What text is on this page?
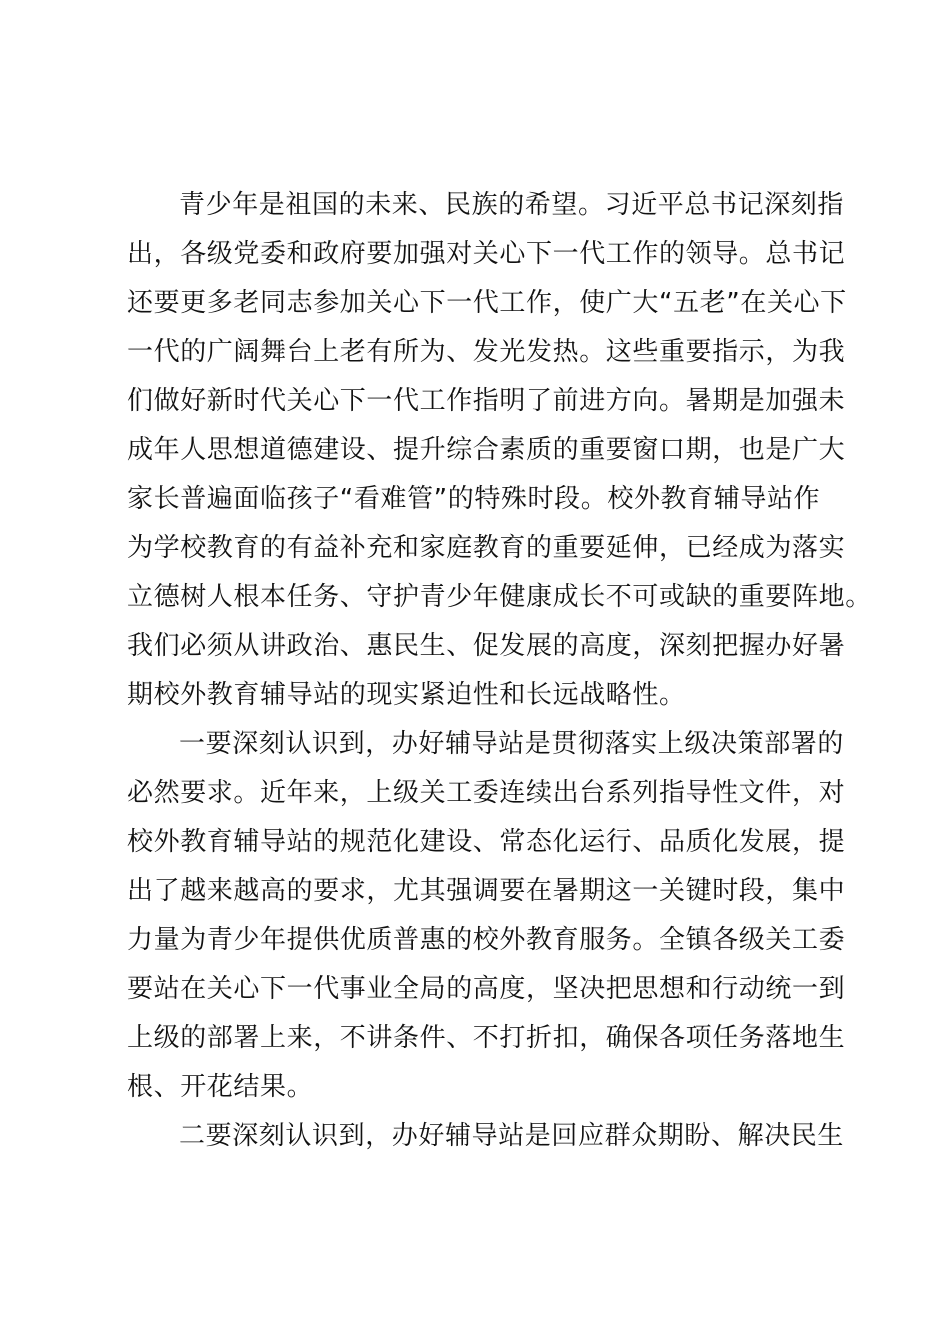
青少年是祖国的未来、民族的希望。习近平总书记深刻指
出，各级党委和政府要加强对关心下一代工作的领导。总书记
还要更多老同志参加关心下一代工作，使广大“五老”在关心下
一代的广阔舞台上老有所为、发光发热。这些重要指示，为我
们做好新时代关心下一代工作指明了前进方向。暑期是加强未
成年人思想道德建设、提升综合素质的重要窗口期，也是广大
家长普遍面临孩子“看难管”的特殊时段。校外教育辅导站作
为学校教育的有益补充和家庭教育的重要延伸，已经成为落实
立德树人根本任务、守护青少年健康成长不可或缺的重要阵地。
我们必须从讲政治、惠民生、促发展的高度，深刻把握办好暑
期校外教育辅导站的现实紧迫性和长远战略性。
一要深刻认识到，办好辅导站是贯彻落实上级决策部署的
必然要求。近年来，上级关工委连续出台系列指导性文件，对
校外教育辅导站的规范化建设、常态化运行、品质化发展，提
出了越来越高的要求，尤其强调要在暑期这一关键时段，集中
力量为青少年提供优质普惠的校外教育服务。全镇各级关工委
要站在关心下一代事业全局的高度，坚决把思想和行动统一到
上级的部署上来，不讲条件、不打折扣，确保各项任务落地生
根、开花结果。
二要深刻认识到，办好辅导站是回应群众期盼、解决民生
